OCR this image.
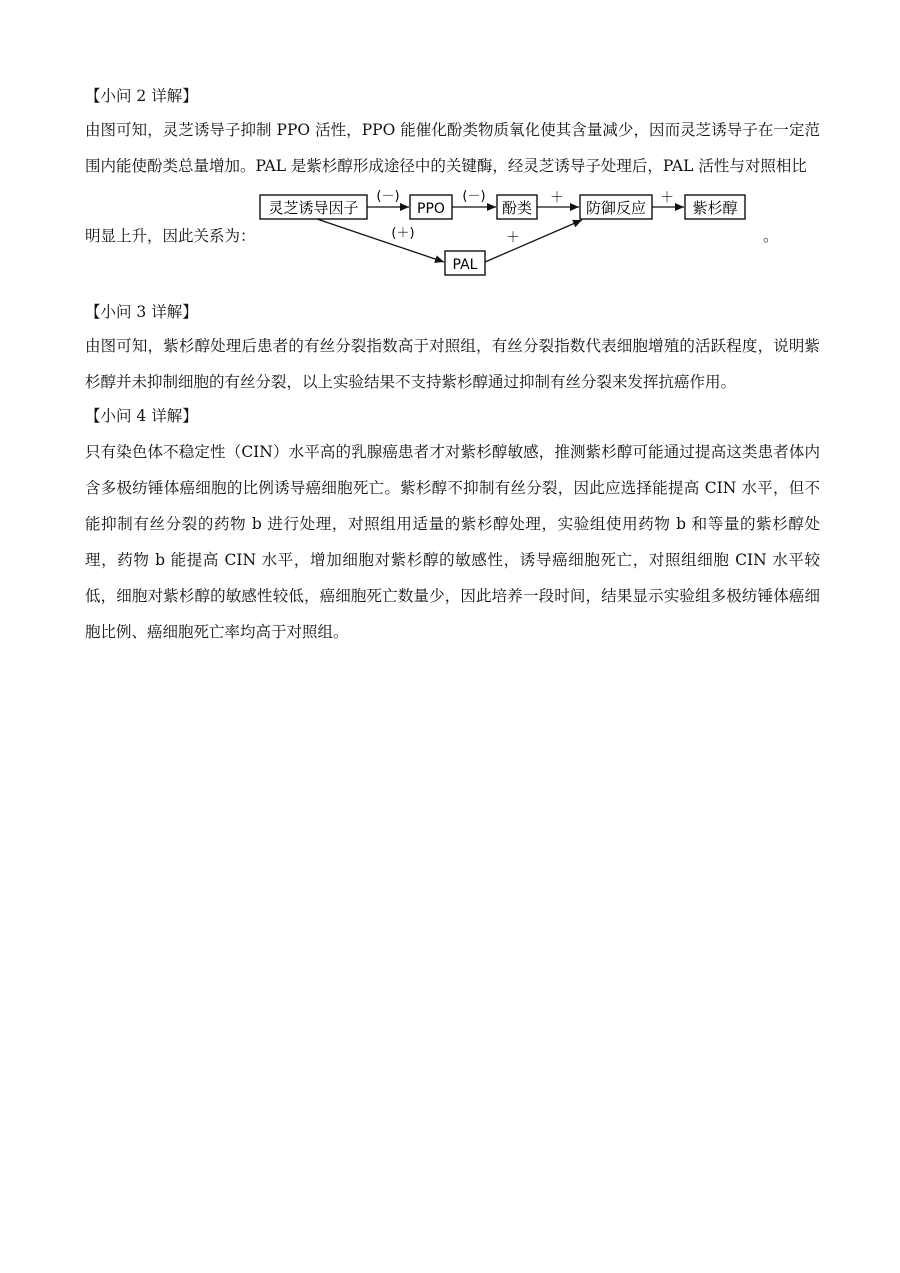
【小问 2 详解】

由图可知，灵芝诱导子抑制 PPO 活性，PPO 能催化酚类物质氧化使其含量减少，因而灵芝诱导子在一定范围内能使酚类总量增加。PAL 是紫杉醇形成途径中的关键酶，经灵芝诱导子处理后，PAL 活性与对照相比

明显上升，因此关系为：

灵芝诱导因子	PPO	酚类	防御反应	紫杉醇
PAL
(－)	(－)	＋	＋
(＋)	＋	。

【小问 3 详解】

由图可知，紫杉醇处理后患者的有丝分裂指数高于对照组，有丝分裂指数代表细胞增殖的活跃程度，说明紫杉醇并未抑制细胞的有丝分裂，以上实验结果不支持紫杉醇通过抑制有丝分裂来发挥抗癌作用。

【小问 4 详解】

只有染色体不稳定性（CIN）水平高的乳腺癌患者才对紫杉醇敏感，推测紫杉醇可能通过提高这类患者体内含多极纺锤体癌细胞的比例诱导癌细胞死亡。紫杉醇不抑制有丝分裂，因此应选择能提高 CIN 水平，但不能抑制有丝分裂的药物 b 进行处理，对照组用适量的紫杉醇处理，实验组使用药物 b 和等量的紫杉醇处理，药物 b 能提高 CIN 水平，增加细胞对紫杉醇的敏感性，诱导癌细胞死亡，对照组细胞 CIN 水平较低，细胞对紫杉醇的敏感性较低，癌细胞死亡数量少，因此培养一段时间，结果显示实验组多极纺锤体癌细胞比例、癌细胞死亡率均高于对照组。
